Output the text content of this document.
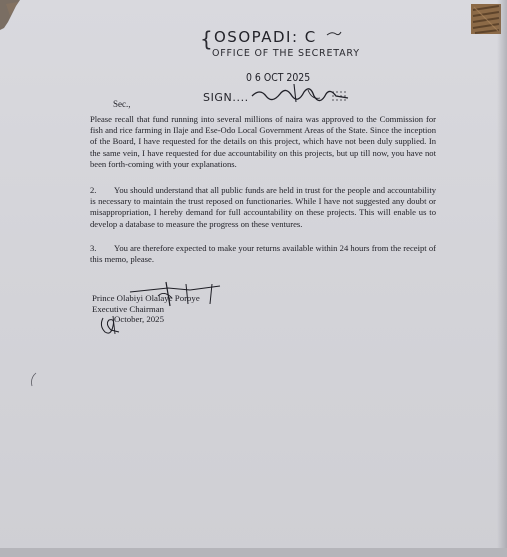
{ OSOPADI: C
OFFICE OF THE SECRETARY
0 6 OCT 2025
SIGN....
Sec.,
Please recall that fund running into several millions of naira was approved to the Commission for fish and rice farming in Ilaje and Ese-Odo Local Government Areas of the State. Since the inception of the Board, I have requested for the details on this project, which have not been duly supplied. In the same vein, I have requested for due accountability on this projects, but up till now, you have not been forth-coming with your explanations.
2. You should understand that all public funds are held in trust for the people and accountability is necessary to maintain the trust reposed on functionaries. While I have not suggested any doubt or misappropriation, I hereby demand for full accountability on these projects. This will enable us to develop a database to measure the progress on these ventures.
3. You are therefore expected to make your returns available within 24 hours from the receipt of this memo, please.
Prince Olabiyi Olalaye Poroye
Executive Chairman
October, 2025
